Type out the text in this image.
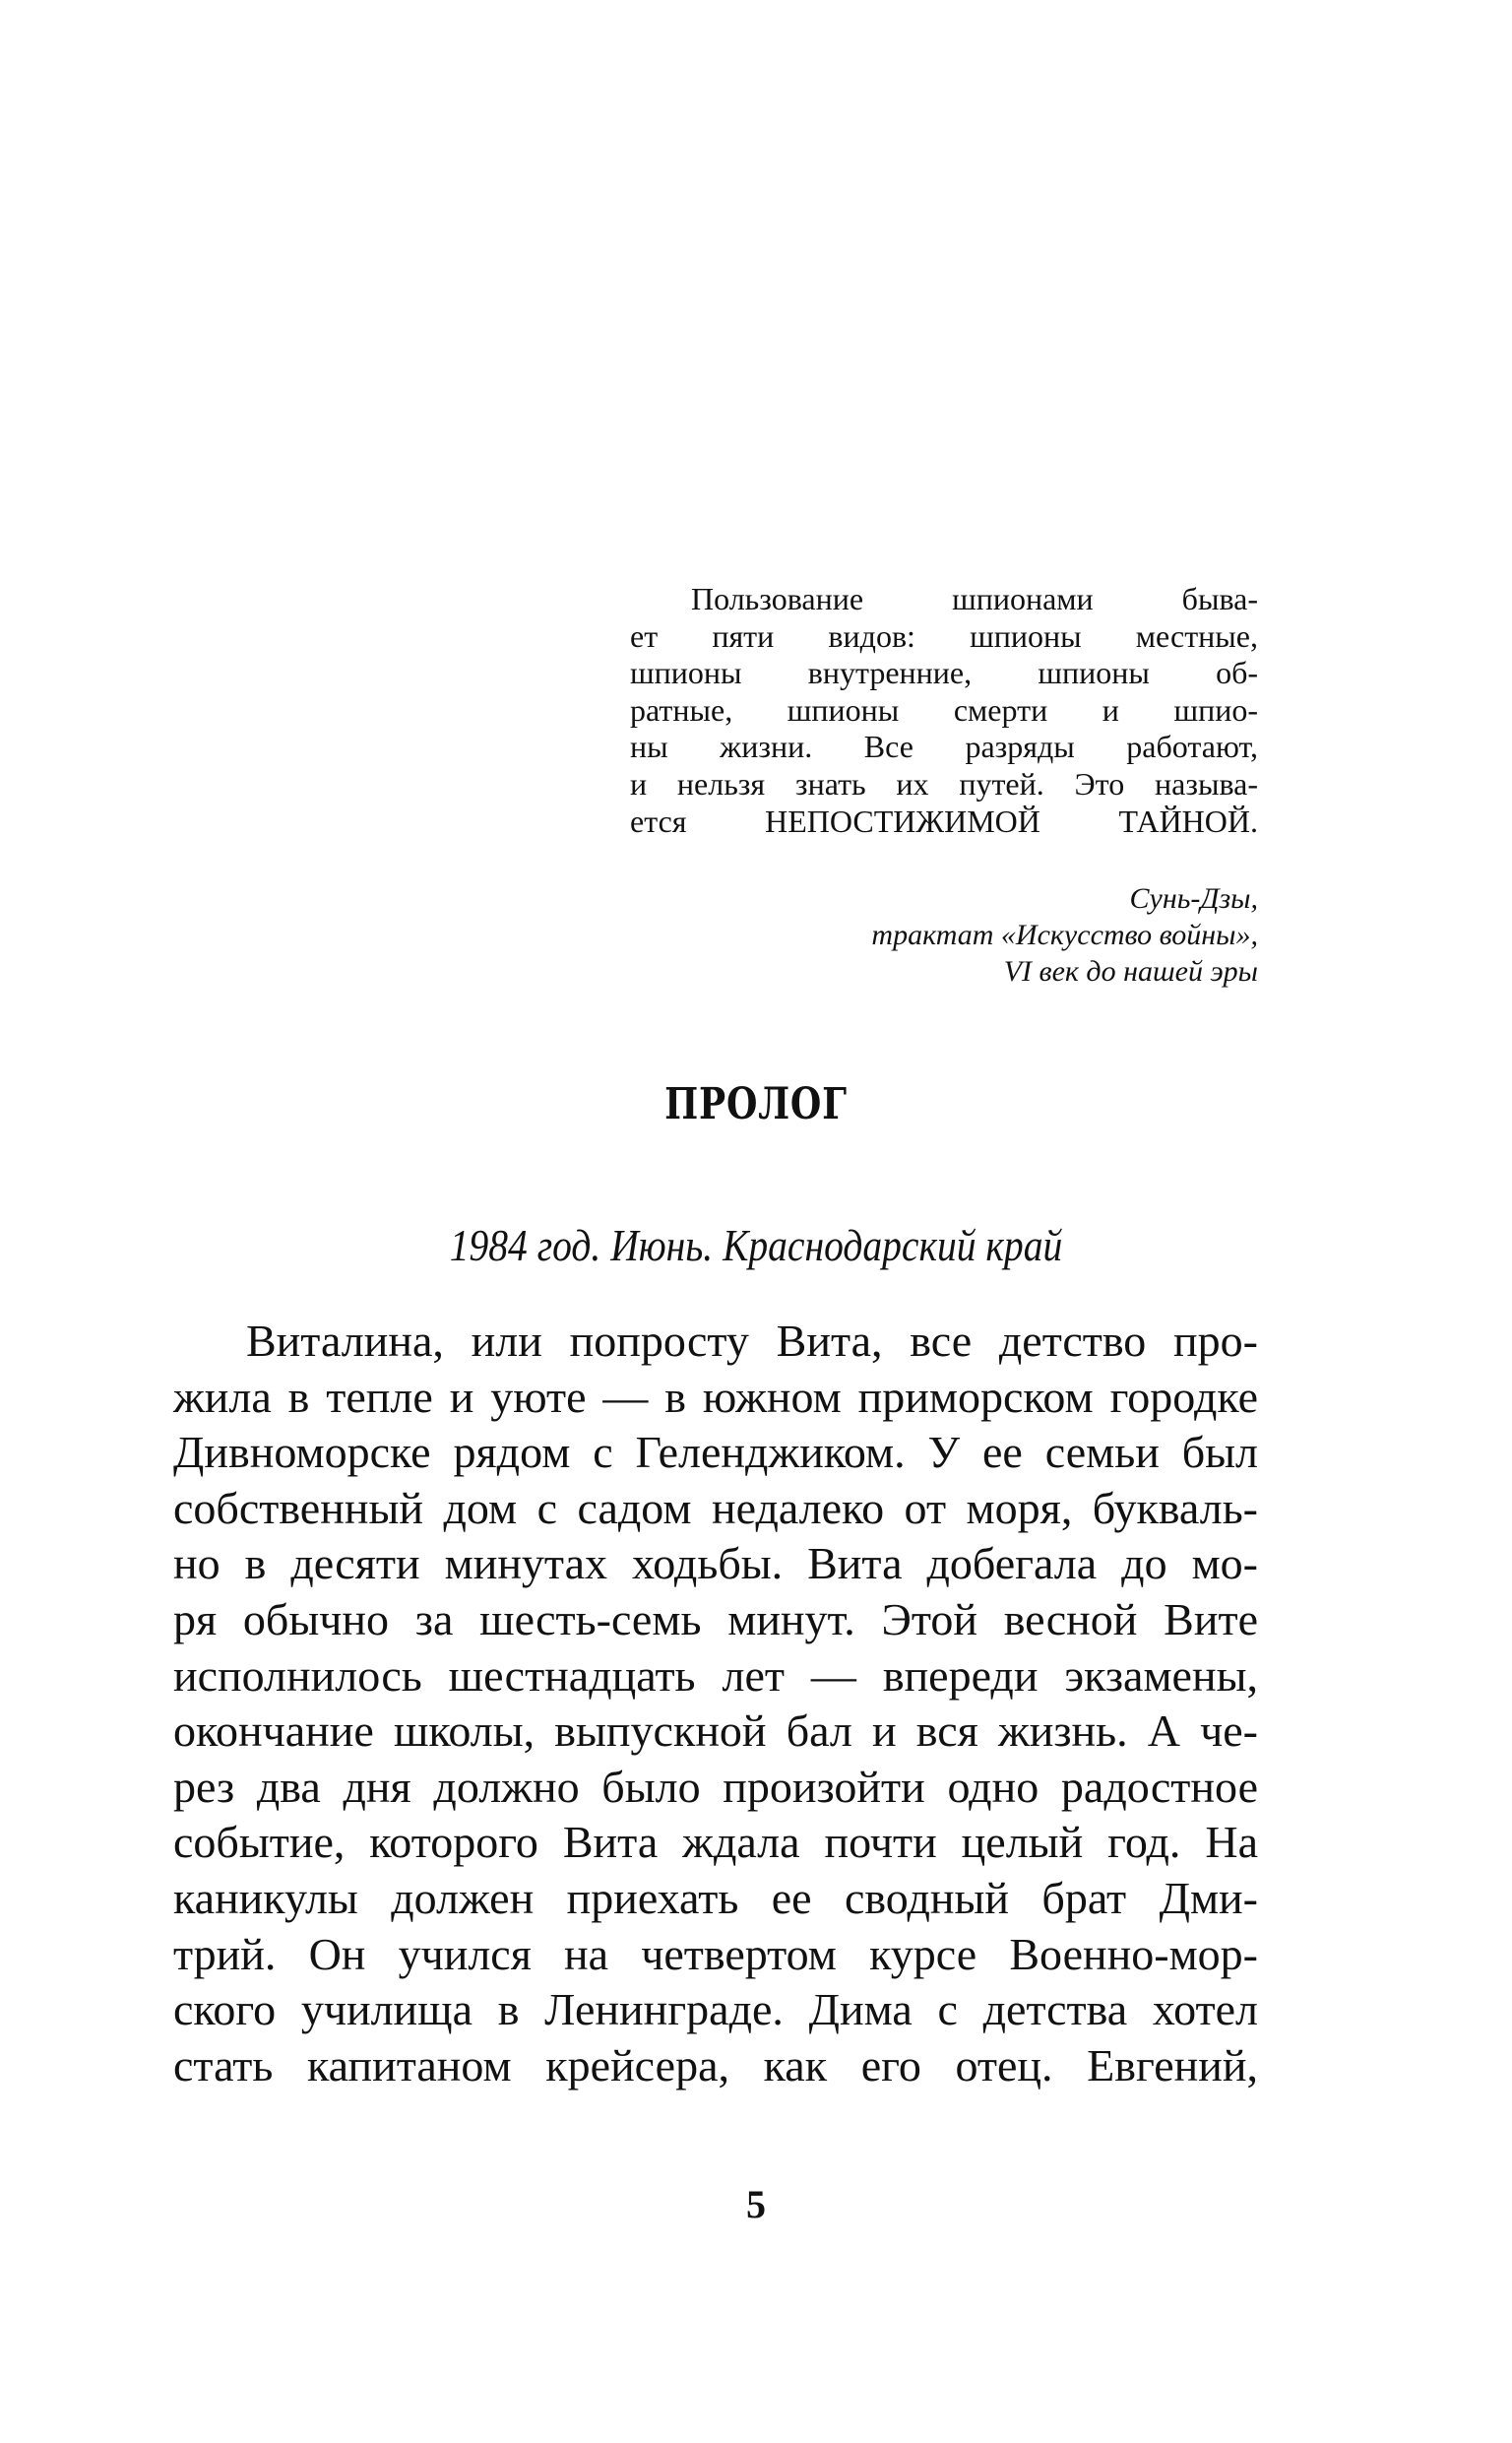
Пользование шпионами быва-
ет пяти видов: шпионы местные,
шпионы внутренние, шпионы об-
ратные, шпионы смерти и шпио-
ны жизни. Все разряды работают,
и нельзя знать их путей. Это называ-
ется НЕПОСТИЖИМОЙ ТАЙНОЙ.
Сунь-Дзы,
трактат «Искусство войны»,
VI век до нашей эры
ПРОЛОГ
1984 год. Июнь. Краснодарский край
Виталина, или попросту Вита, все детство про-
жила в тепле и уюте — в южном приморском городке
Дивноморске рядом с Геленджиком. У ее семьи был
собственный дом с садом недалеко от моря, букваль-
но в десяти минутах ходьбы. Вита добегала до мо-
ря обычно за шесть-семь минут. Этой весной Вите
исполнилось шестнадцать лет — впереди экзамены,
окончание школы, выпускной бал и вся жизнь. А че-
рез два дня должно было произойти одно радостное
событие, которого Вита ждала почти целый год. На
каникулы должен приехать ее сводный брат Дми-
трий. Он учился на четвертом курсе Военно-мор-
ского училища в Ленинграде. Дима с детства хотел
стать капитаном крейсера, как его отец. Евгений,
5
